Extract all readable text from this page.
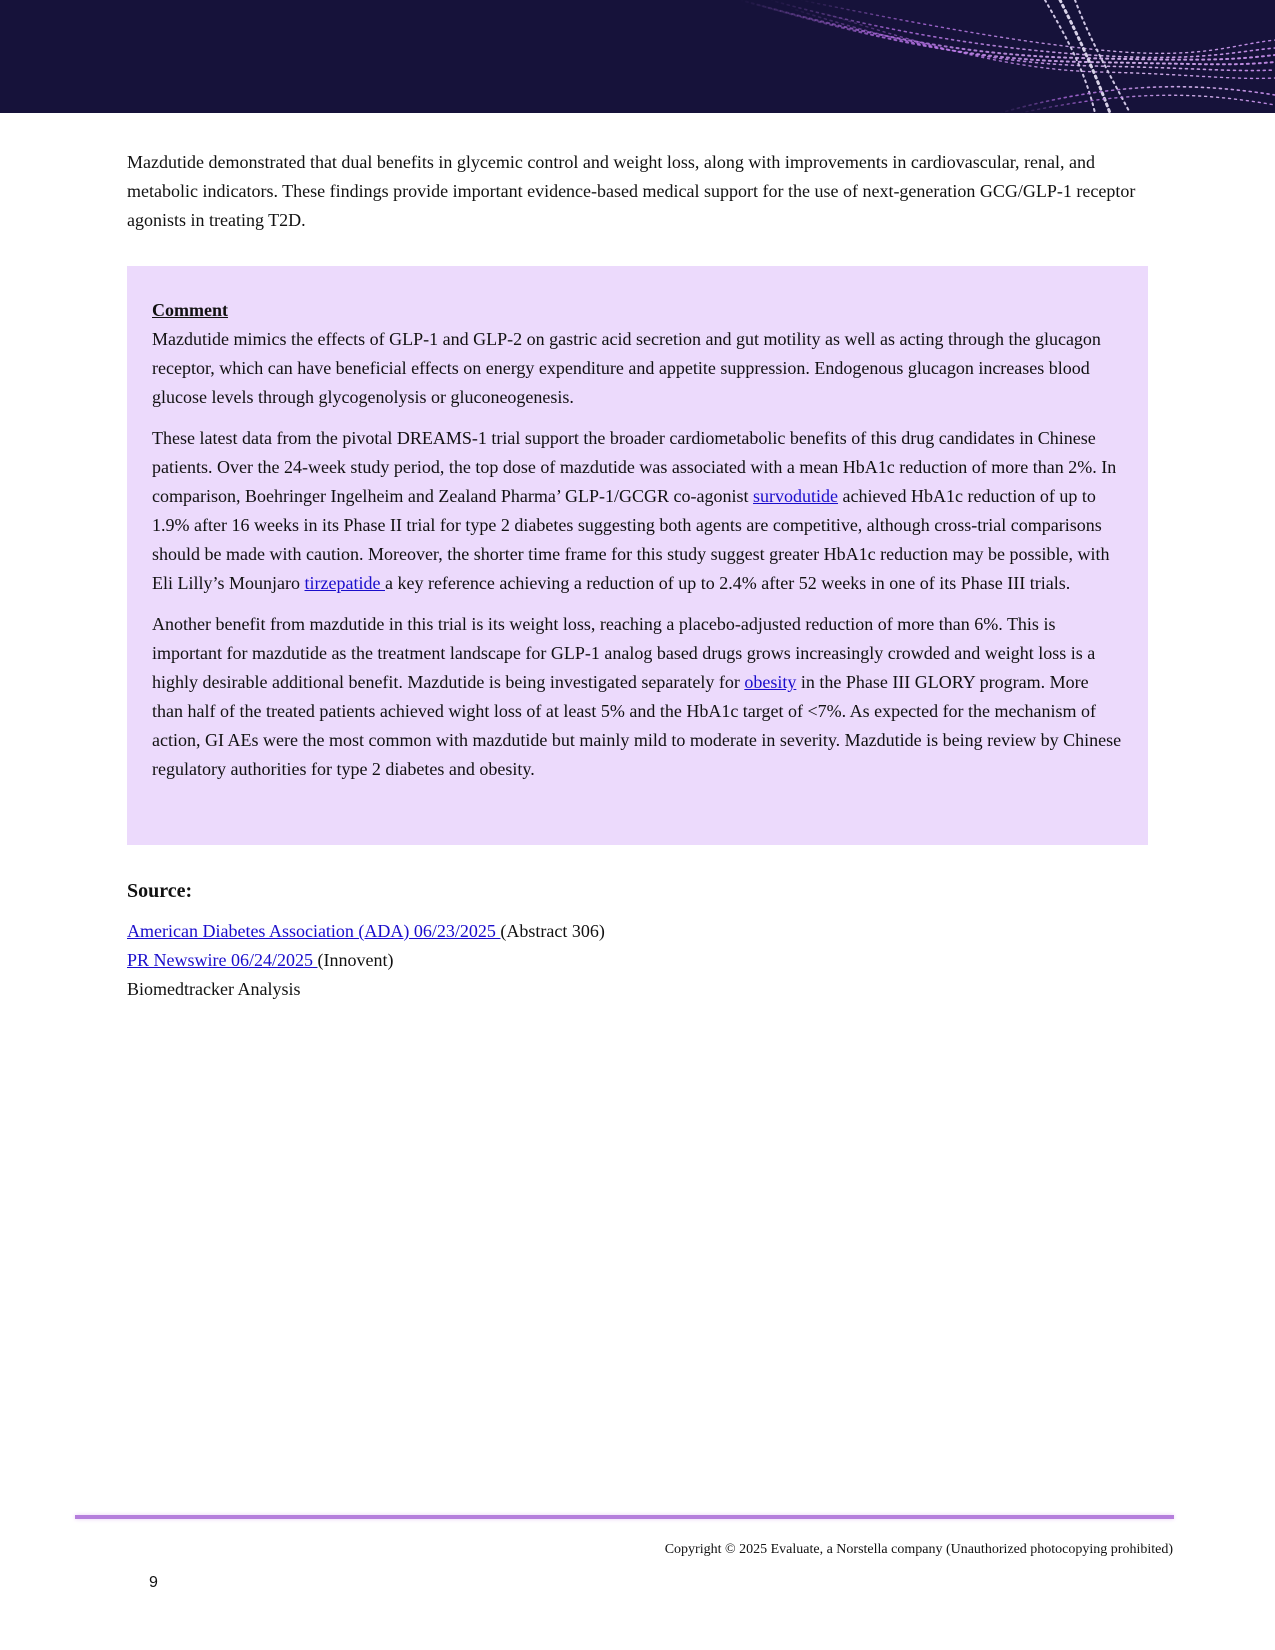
Mazdutide demonstrated that dual benefits in glycemic control and weight loss, along with improvements in cardiovascular, renal, and metabolic indicators. These findings provide important evidence-based medical support for the use of next-generation GCG/GLP-1 receptor agonists in treating T2D.

Comment

Mazdutide mimics the effects of GLP-1 and GLP-2 on gastric acid secretion and gut motility as well as acting through the glucagon receptor, which can have beneficial effects on energy expenditure and appetite suppression. Endogenous glucagon increases blood glucose levels through glycogenolysis or gluconeogenesis.

These latest data from the pivotal DREAMS-1 trial support the broader cardiometabolic benefits of this drug candidates in Chinese patients. Over the 24-week study period, the top dose of mazdutide was associated with a mean HbA1c reduction of more than 2%. In comparison, Boehringer Ingelheim and Zealand Pharma’ GLP-1/GCGR co-agonist survodutide achieved HbA1c reduction of up to 1.9% after 16 weeks in its Phase II trial for type 2 diabetes suggesting both agents are competitive, although cross-trial comparisons should be made with caution. Moreover, the shorter time frame for this study suggest greater HbA1c reduction may be possible, with Eli Lilly’s Mounjaro tirzepatide a key reference achieving a reduction of up to 2.4% after 52 weeks in one of its Phase III trials.

Another benefit from mazdutide in this trial is its weight loss, reaching a placebo-adjusted reduction of more than 6%. This is important for mazdutide as the treatment landscape for GLP-1 analog based drugs grows increasingly crowded and weight loss is a highly desirable additional benefit. Mazdutide is being investigated separately for obesity in the Phase III GLORY program. More than half of the treated patients achieved wight loss of at least 5% and the HbA1c target of <7%. As expected for the mechanism of action, GI AEs were the most common with mazdutide but mainly mild to moderate in severity. Mazdutide is being review by Chinese regulatory authorities for type 2 diabetes and obesity.

Source:
American Diabetes Association (ADA) 06/23/2025 (Abstract 306)
PR Newswire 06/24/2025 (Innovent)
Biomedtracker Analysis
Copyright © 2025 Evaluate, a Norstella company (Unauthorized photocopying prohibited)
9
